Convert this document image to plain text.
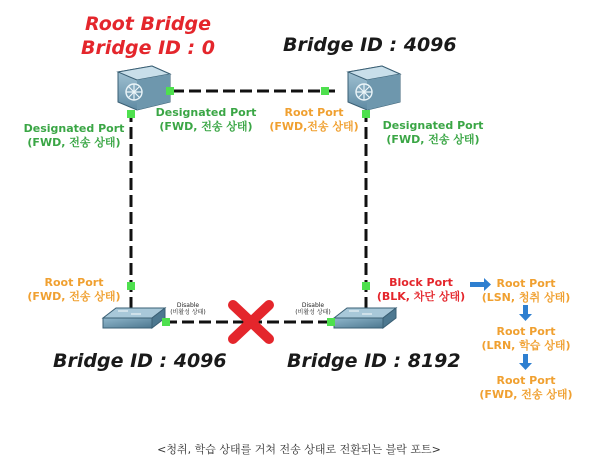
Root Bridge
Bridge ID : 0	Bridge ID : 4096
Bridge ID : 4096	Bridge ID : 8192
Designated Port
(FWD, 전송 상태)
Designated Port
(FWD, 전송 상태)
Root Port
(FWD,전송 상태)	Designated Port
(FWD, 전송 상태)
Root Port
(FWD, 전송 상태)
Disable
(비활성 상태)
Disable
(비활성 상태)
Block Port
(BLK, 차단 상태)
Root Port
(LSN, 청취 상태)
Root Port
(LRN, 학습 상태)
Root Port
(FWD, 전송 상태)
<청취, 학습 상태를 거쳐 전송 상태로 전환되는 블락 포트>
